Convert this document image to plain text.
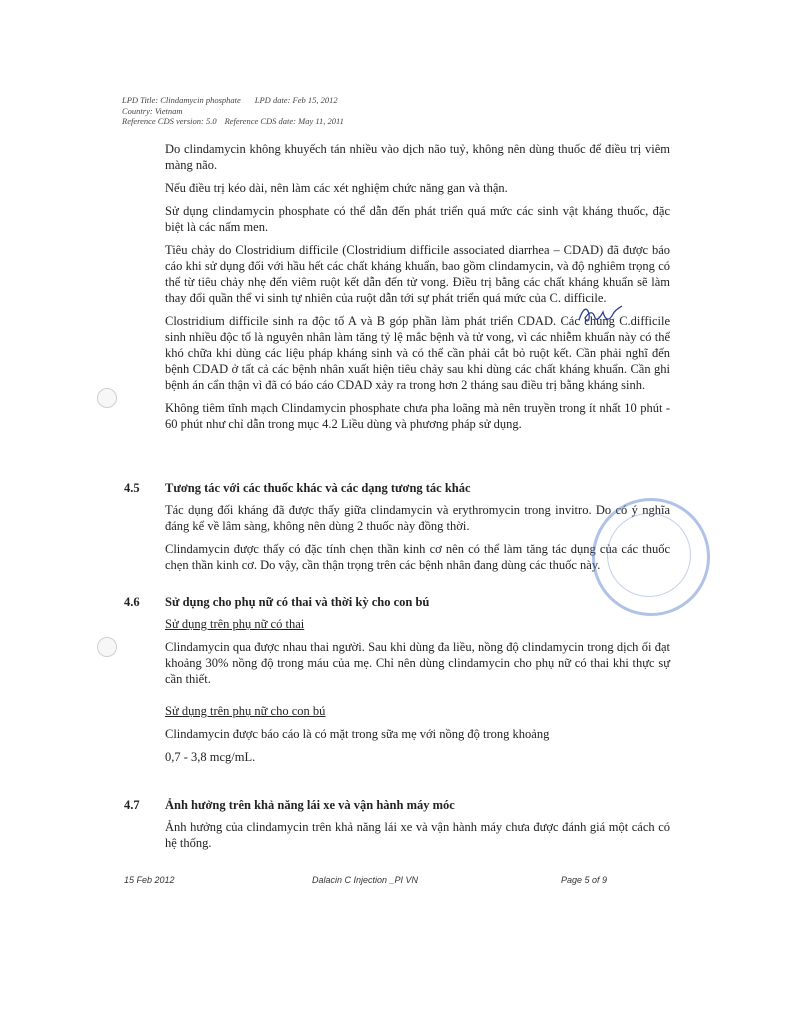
LPD Title: Clindamycin phosphate LPD date: Feb 15, 2012
Country: Vietnam
Reference CDS version: 5.0 Reference CDS date: May 11, 2011

Do clindamycin không khuyếch tán nhiều vào dịch não tuỷ, không nên dùng thuốc để điều trị viêm màng não.

Nếu điều trị kéo dài, nên làm các xét nghiệm chức năng gan và thận.

Sử dụng clindamycin phosphate có thể dẫn đến phát triển quá mức các sinh vật kháng thuốc, đặc biệt là các nấm men.

Tiêu chảy do Clostridium difficile (Clostridium difficile associated diarrhea – CDAD) đã được báo cáo khi sử dụng đối với hầu hết các chất kháng khuẩn, bao gồm clindamycin, và độ nghiêm trọng có thể từ tiêu chảy nhẹ đến viêm ruột kết dẫn đến tử vong. Điều trị bằng các chất kháng khuẩn sẽ làm thay đổi quần thể vi sinh tự nhiên của ruột dẫn tới sự phát triển quá mức của C. difficile.

Clostridium difficile sinh ra độc tố A và B góp phần làm phát triển CDAD. Các chủng C.difficile sinh nhiều độc tố là nguyên nhân làm tăng tỷ lệ mắc bệnh và tử vong, vì các nhiễm khuẩn này có thể khó chữa khi dùng các liệu pháp kháng sinh và có thể cần phải cắt bỏ ruột kết. Cần phải nghĩ đến bệnh CDAD ở tất cả các bệnh nhân xuất hiện tiêu chảy sau khi dùng các chất kháng khuẩn. Cần ghi bệnh án cẩn thận vì đã có báo cáo CDAD xảy ra trong hơn 2 tháng sau điều trị bằng kháng sinh.

Không tiêm tĩnh mạch Clindamycin phosphate chưa pha loãng mà nên truyền trong ít nhất 10 phút - 60 phút như chỉ dẫn trong mục 4.2 Liều dùng và phương pháp sử dụng.

4.5 Tương tác với các thuốc khác và các dạng tương tác khác

Tác dụng đối kháng đã được thấy giữa clindamycin và erythromycin trong invitro. Do có ý nghĩa đáng kể về lâm sàng, không nên dùng 2 thuốc này đồng thời.

Clindamycin được thấy có đặc tính chẹn thần kinh cơ nên có thể làm tăng tác dụng của các thuốc chẹn thần kinh cơ. Do vậy, cần thận trọng trên các bệnh nhân đang dùng các thuốc này.

4.6 Sử dụng cho phụ nữ có thai và thời kỳ cho con bú

Sử dụng trên phụ nữ có thai

Clindamycin qua được nhau thai người. Sau khi dùng đa liều, nồng độ clindamycin trong dịch ối đạt khoảng 30% nồng độ trong máu của mẹ. Chỉ nên dùng clindamycin cho phụ nữ có thai khi thực sự cần thiết.

Sử dụng trên phụ nữ cho con bú

Clindamycin được báo cáo là có mặt trong sữa mẹ với nồng độ trong khoảng

0,7 - 3,8 mcg/mL.

4.7 Ảnh hưởng trên khả năng lái xe và vận hành máy móc

Ảnh hưởng của clindamycin trên khả năng lái xe và vận hành máy chưa được đánh giá một cách có hệ thống.

15 Feb 2012	Dalacin C Injection _PI VN	Page 5 of 9
